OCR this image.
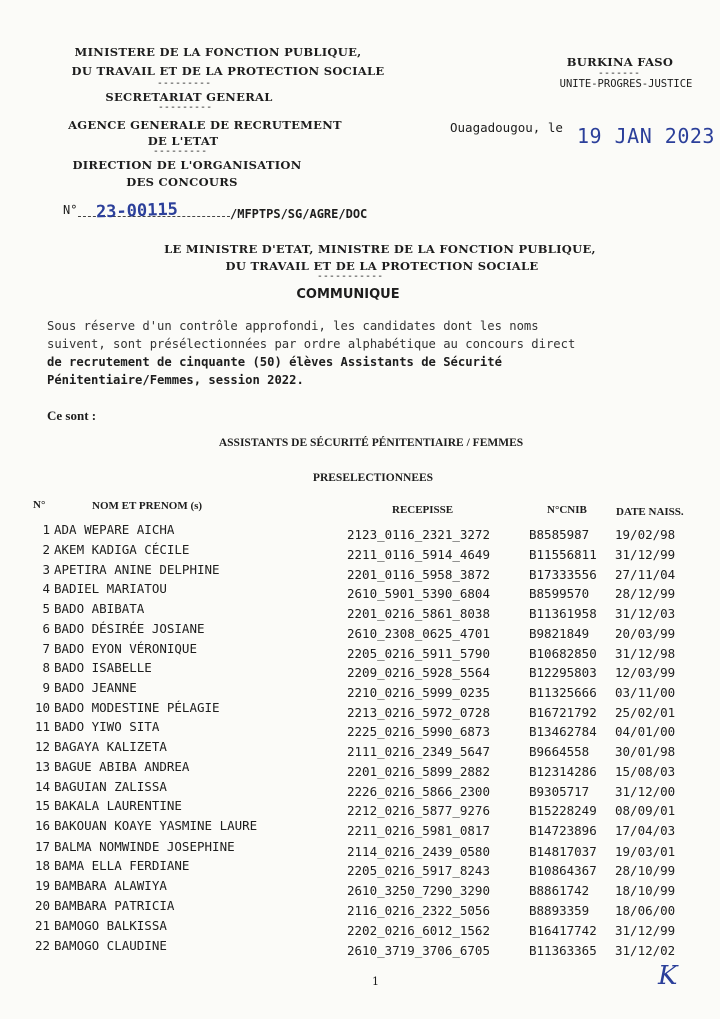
MINISTERE DE LA FONCTION PUBLIQUE,
DU TRAVAIL ET DE LA PROTECTION SOCIALE
---------
SECRETARIAT GENERAL
---------
AGENCE GENERALE DE RECRUTEMENT
DE L'ETAT
---------
DIRECTION DE L'ORGANISATION
DES CONCOURS
BURKINA FASO
-------
UNITE-PROGRES-JUSTICE
Ouagadougou, le 19 JAN 2023
N° 23-00115	/MFPTPS/SG/AGRE/DOC
LE MINISTRE D'ETAT, MINISTRE DE LA FONCTION PUBLIQUE,
DU TRAVAIL ET DE LA PROTECTION SOCIALE
-----------
COMMUNIQUE
Sous réserve d'un contrôle approfondi, les candidates dont les noms
suivent, sont présélectionnées par ordre alphabétique au concours direct
de recrutement de cinquante (50) élèves Assistants de Sécurité
Pénitentiaire/Femmes, session 2022.
Ce sont :
ASSISTANTS DE SÉCURITÉ PÉNITENTIAIRE / FEMMES
PRESELECTIONNEES
N°	NOM ET PRENOM (s)	RECEPISSE	N°CNIB	DATE NAISS.
1 ADA WEPARE AICHA	2123_0116_2321_3272	B8585987 19/02/98
2 AKEM KADIGA CÉCILE	2211_0116_5914_4649	B11556811 31/12/99
3 APETIRA ANINE DELPHINE	2201_0116_5958_3872	B17333556 27/11/04
4 BADIEL MARIATOU	2610_5901_5390_6804	B8599570 28/12/99
5 BADO ABIBATA	2201_0216_5861_8038	B11361958 31/12/03
6 BADO DÉSIRÉE JOSIANE	2610_2308_0625_4701	B9821849 20/03/99
7 BADO EYON VÉRONIQUE	2205_0216_5911_5790	B10682850 31/12/98
8 BADO ISABELLE	2209_0216_5928_5564	B12295803 12/03/99
9 BADO JEANNE	2210_0216_5999_0235	B11325666 03/11/00
10 BADO MODESTINE PÉLAGIE	2213_0216_5972_0728	B16721792 25/02/01
11 BADO YIWO SITA	2225_0216_5990_6873	B13462784 04/01/00
12 BAGAYA KALIZETA	2111_0216_2349_5647	B9664558 30/01/98
13 BAGUE ABIBA ANDREA	2201_0216_5899_2882	B12314286 15/08/03
14 BAGUIAN ZALISSA	2226_0216_5866_2300	B9305717 31/12/00
15 BAKALA LAURENTINE	2212_0216_5877_9276	B15228249 08/09/01
16 BAKOUAN KOAYE YASMINE LAURE	2211_0216_5981_0817	B14723896 17/04/03
17 BALMA NOMWINDE JOSEPHINE	2114_0216_2439_0580	B14817037 19/03/01
18 BAMA ELLA FERDIANE	2205_0216_5917_8243	B10864367 28/10/99
19 BAMBARA ALAWIYA	2610_3250_7290_3290	B8861742 18/10/99
20 BAMBARA PATRICIA	2116_0216_2322_5056	B8893359 18/06/00
21 BAMOGO BALKISSA	2202_0216_6012_1562	B16417742 31/12/99
22 BAMOGO CLAUDINE	2610_3719_3706_6705	B11363365 31/12/02
1	K
